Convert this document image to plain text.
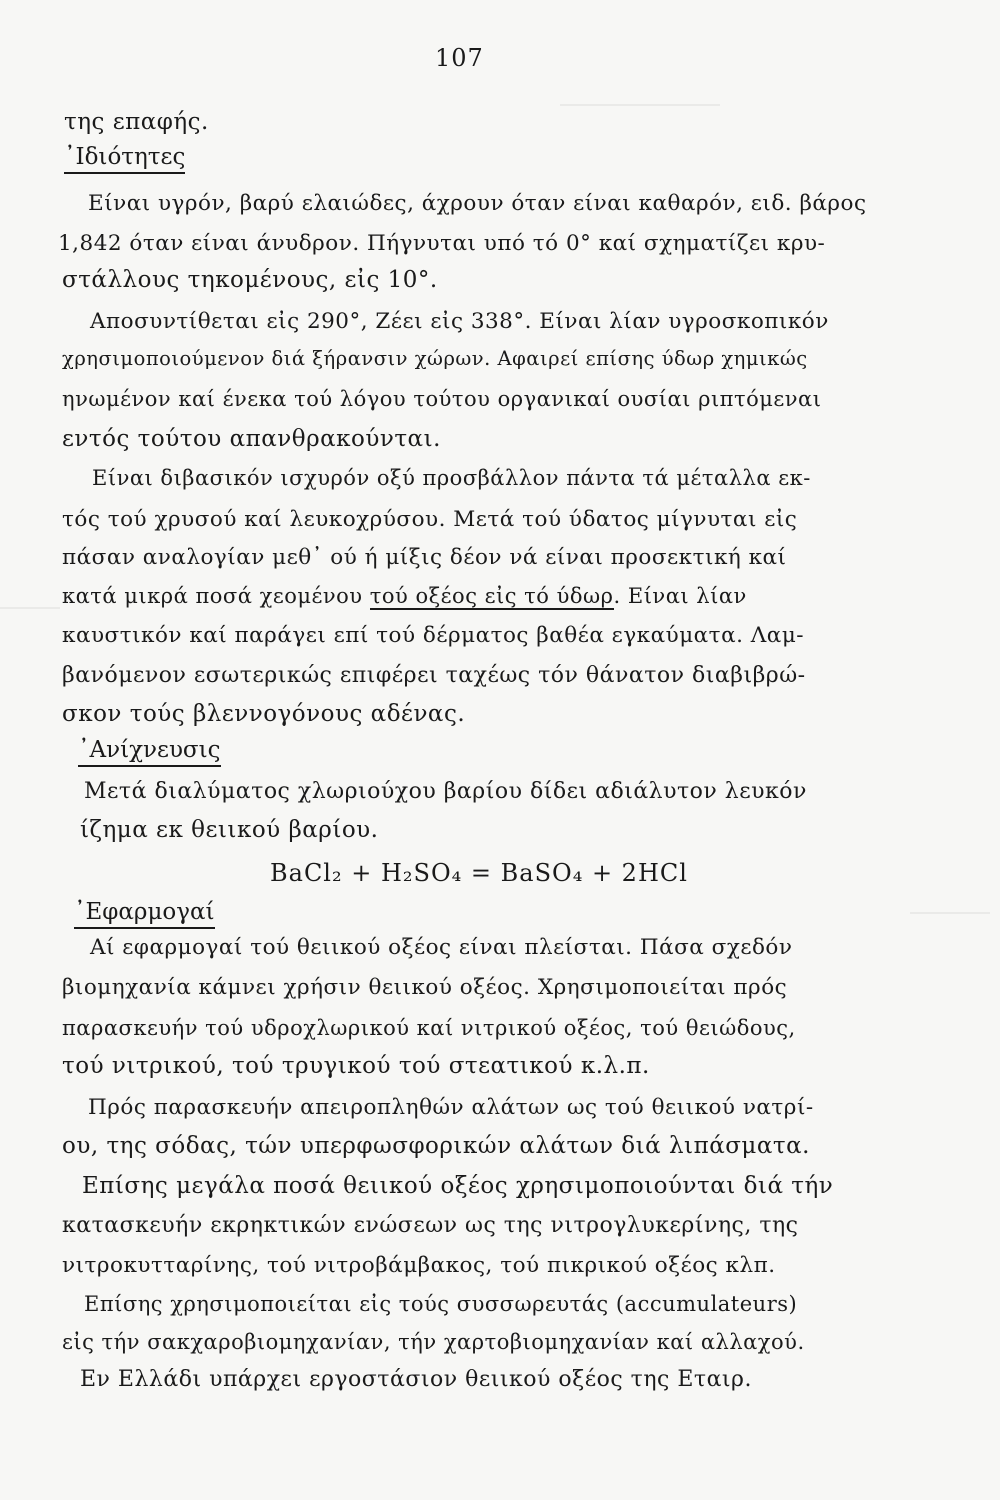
107
της επαφής.
᾽Ιδιότητες
Είναι υγρόν, βαρύ ελαιώδες, άχρουν όταν είναι καθαρόν, ειδ. βάρος
1,842 όταν είναι άνυδρον. Πήγνυται υπό τό 0° καί σχηματίζει κρυ-
στάλλους τηκομένους, εἰς 10°.
Αποσυντίθεται εἰς 290°, Ζέει εἰς 338°. Είναι λίαν υγροσκοπικόν
χρησιμοποιούμενον διά ξήρανσιν χώρων. Αφαιρεί επίσης ύδωρ χημικώς
ηνωμένον καί ένεκα τού λόγου τούτου οργανικαί ουσίαι ριπτόμεναι
εντός τούτου απανθρακούνται.
Είναι διβασικόν ισχυρόν οξύ προσβάλλον πάντα τά μέταλλα εκ-
τός τού χρυσού καί λευκοχρύσου. Μετά τού ύδατος μίγνυται εἰς
πάσαν αναλογίαν μεθ᾽ ού ή μίξις δέον νά είναι προσεκτική καί
κατά μικρά ποσά χεομένου τού οξέος εἰς τό ύδωρ. Είναι λίαν
καυστικόν καί παράγει επί τού δέρματος βαθέα εγκαύματα. Λαμ-
βανόμενον εσωτερικώς επιφέρει ταχέως τόν θάνατον διαβιβρώ-
σκον τούς βλεννογόνους αδένας.
᾽Ανίχνευσις
Μετά διαλύματος χλωριούχου βαρίου δίδει αδιάλυτον λευκόν
ίζημα εκ θειικού βαρίου.
BaCl₂ + H₂SO₄ = BaSO₄ + 2HCl
᾽Εφαρμογαί
Αί εφαρμογαί τού θειικού οξέος είναι πλείσται. Πάσα σχεδόν
βιομηχανία κάμνει χρήσιν θειικού οξέος. Χρησιμοποιείται πρός
παρασκευήν τού υδροχλωρικού καί νιτρικού οξέος, τού θειώδους,
τού νιτρικού, τού τρυγικού τού στεατικού κ.λ.π.
Πρός παρασκευήν απειροπληθών αλάτων ως τού θειικού νατρί-
ου, της σόδας, τών υπερφωσφορικών αλάτων διά λιπάσματα.
Επίσης μεγάλα ποσά θειικού οξέος χρησιμοποιούνται διά τήν
κατασκευήν εκρηκτικών ενώσεων ως της νιτρογλυκερίνης, της
νιτροκυτταρίνης, τού νιτροβάμβακος, τού πικρικού οξέος κλπ.
Επίσης χρησιμοποιείται εἰς τούς συσσωρευτάς (accumulateurs)
εἰς τήν σακχαροβιομηχανίαν, τήν χαρτοβιομηχανίαν καί αλλαχού.
Εν Ελλάδι υπάρχει εργοστάσιον θειικού οξέος της Εταιρ.
